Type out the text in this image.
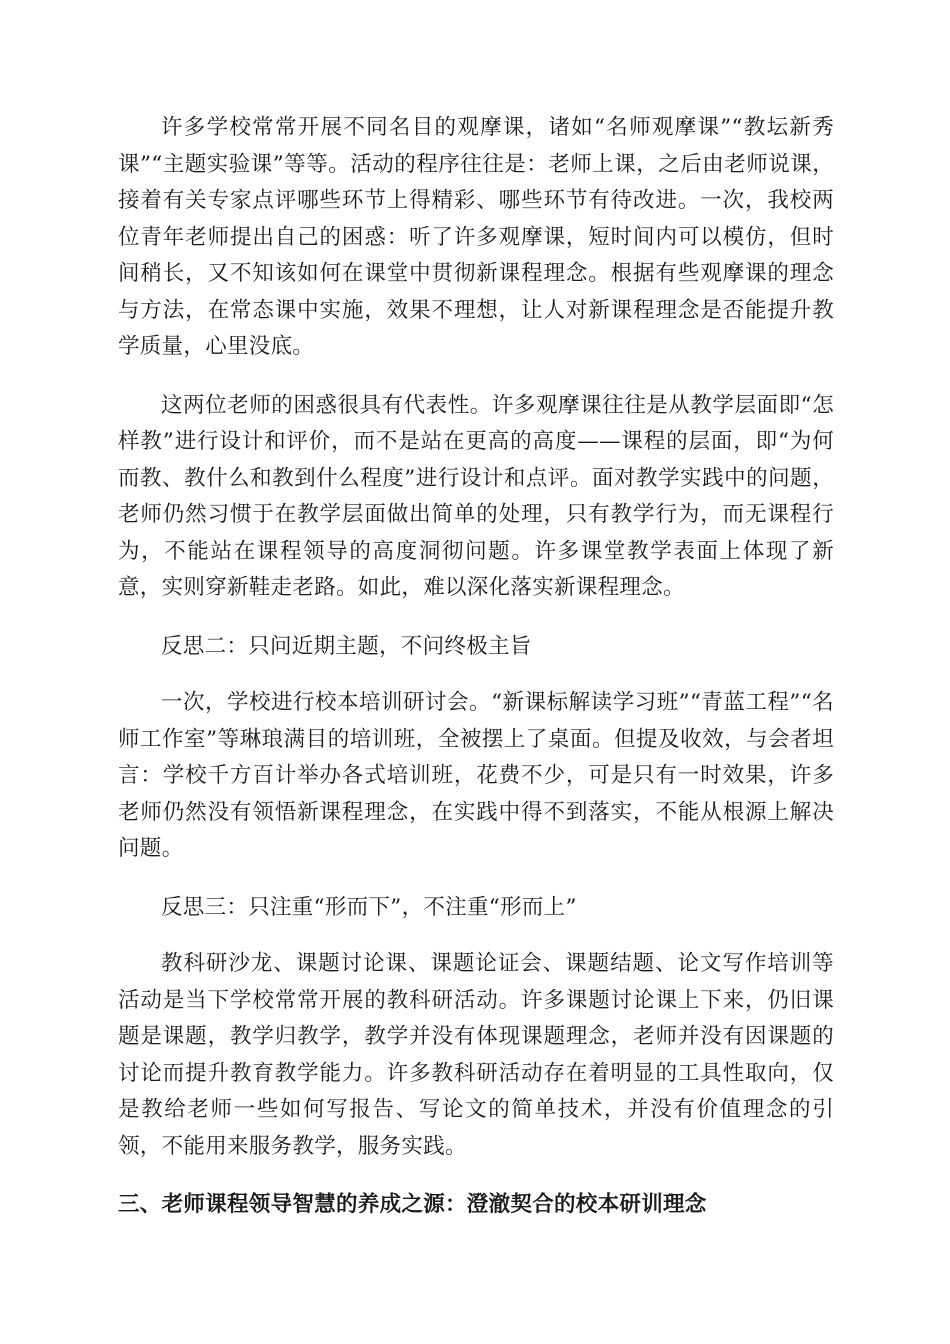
许多学校常常开展不同名目的观摩课，诸如“名师观摩课”“教坛新秀课”“主题实验课”等等。活动的程序往往是：老师上课，之后由老师说课，接着有关专家点评哪些环节上得精彩、哪些环节有待改进。一次，我校两位青年老师提出自己的困惑：听了许多观摩课，短时间内可以模仿，但时间稍长，又不知该如何在课堂中贯彻新课程理念。根据有些观摩课的理念与方法，在常态课中实施，效果不理想，让人对新课程理念是否能提升教学质量，心里没底。

这两位老师的困惑很具有代表性。许多观摩课往往是从教学层面即“怎样教”进行设计和评价，而不是站在更高的高度——课程的层面，即“为何而教、教什么和教到什么程度”进行设计和点评。面对教学实践中的问题，老师仍然习惯于在教学层面做出简单的处理，只有教学行为，而无课程行为，不能站在课程领导的高度洞彻问题。许多课堂教学表面上体现了新意，实则穿新鞋走老路。如此，难以深化落实新课程理念。

反思二：只问近期主题，不问终极主旨

一次，学校进行校本培训研讨会。“新课标解读学习班”“青蓝工程”“名师工作室”等琳琅满目的培训班，全被摆上了桌面。但提及收效，与会者坦言：学校千方百计举办各式培训班，花费不少，可是只有一时效果，许多老师仍然没有领悟新课程理念，在实践中得不到落实，不能从根源上解决问题。

反思三：只注重“形而下”，不注重“形而上”

教科研沙龙、课题讨论课、课题论证会、课题结题、论文写作培训等活动是当下学校常常开展的教科研活动。许多课题讨论课上下来，仍旧课题是课题，教学归教学，教学并没有体现课题理念，老师并没有因课题的讨论而提升教育教学能力。许多教科研活动存在着明显的工具性取向，仅是教给老师一些如何写报告、写论文的简单技术，并没有价值理念的引领，不能用来服务教学，服务实践。

三、老师课程领导智慧的养成之源：澄澈契合的校本研训理念
